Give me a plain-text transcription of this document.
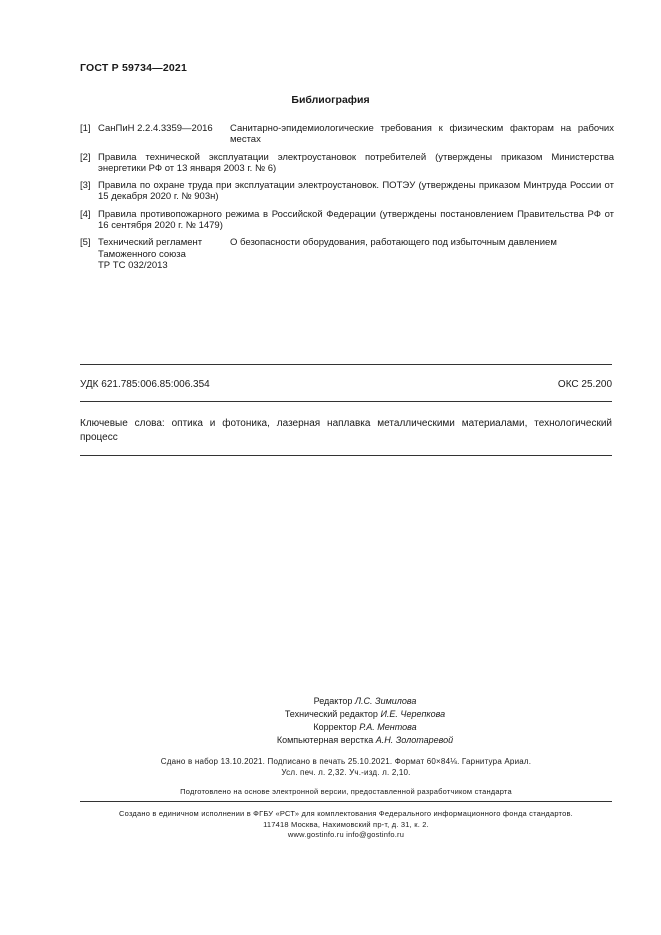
ГОСТ Р 59734—2021
Библиография
[1] СанПиН 2.2.4.3359—2016	Санитарно-эпидемиологические требования к физическим факторам на рабочих местах
[2] Правила технической эксплуатации электроустановок потребителей (утверждены приказом Министерства энергетики РФ от 13 января 2003 г. № 6)
[3] Правила по охране труда при эксплуатации электроустановок. ПОТЭУ (утверждены приказом Минтруда России от 15 декабря 2020 г. № 903н)
[4] Правила противопожарного режима в Российской Федерации (утверждены постановлением Правительства РФ от 16 сентября 2020 г. № 1479)
[5] Технический регламент
Таможенного союза
ТР ТС 032/2013
О безопасности оборудования, работающего под избыточным давлением
УДК 621.785:006.85:006.354	ОКС 25.200
Ключевые слова: оптика и фотоника, лазерная наплавка металлическими материалами, технологический процесс
Редактор Л.С. Зимилова
Технический редактор И.Е. Черепкова
Корректор Р.А. Ментова
Компьютерная верстка А.Н. Золотаревой
Сдано в набор 13.10.2021. Подписано в печать 25.10.2021. Формат 60×84⅛. Гарнитура Ариал.
Усл. печ. л. 2,32. Уч.-изд. л. 2,10.
Подготовлено на основе электронной версии, предоставленной разработчиком стандарта
Создано в единичном исполнении в ФГБУ «РСТ» для комплектования Федерального информационного фонда стандартов.
117418 Москва, Нахимовский пр-т, д. 31, к. 2.
www.gostinfo.ru info@gostinfo.ru
